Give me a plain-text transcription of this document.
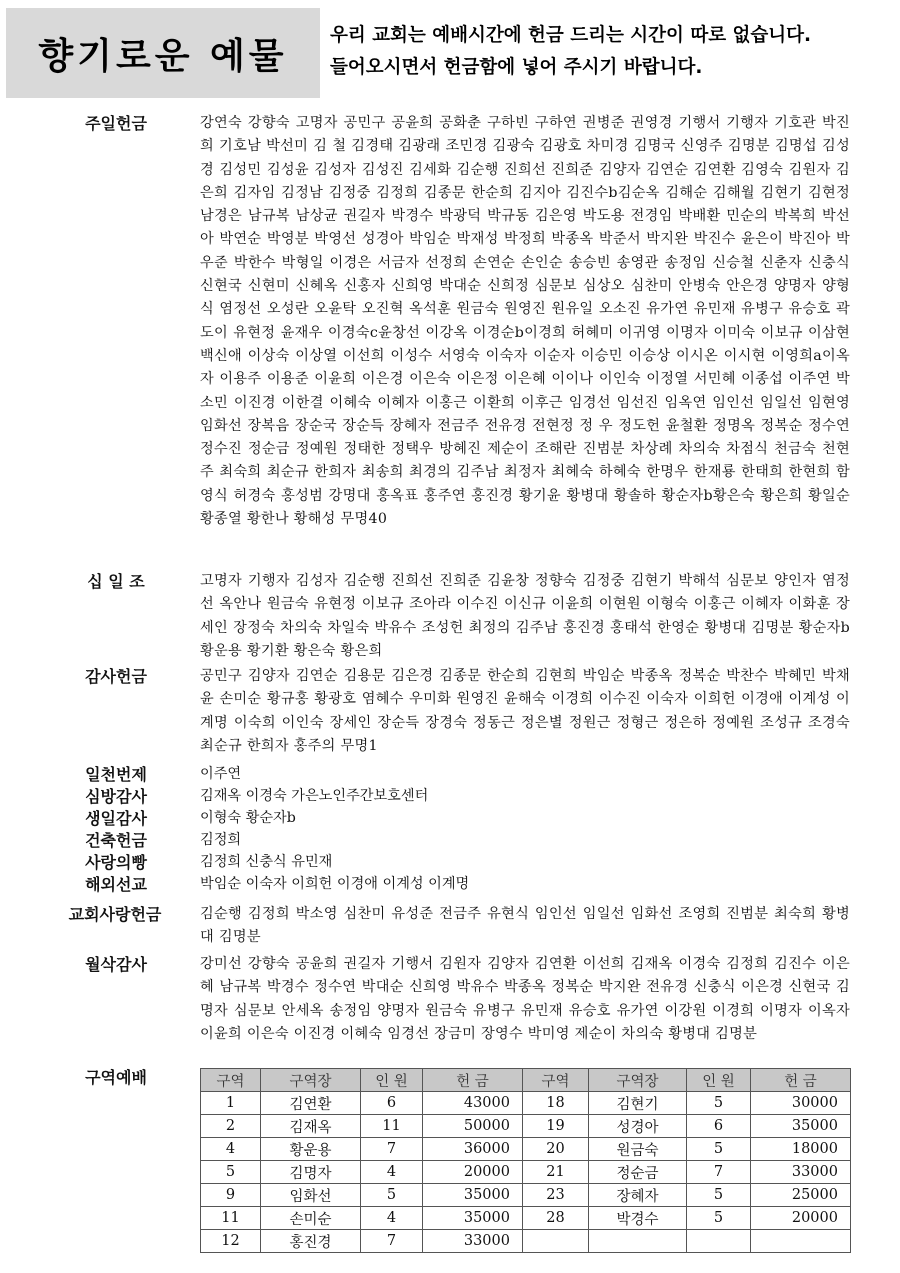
향기로운 예물
우리 교회는 예배시간에 헌금 드리는 시간이 따로 없습니다.
들어오시면서 헌금함에 넣어 주시기 바랍니다.
주일헌금	강연숙 강향숙 고명자 공민구 공윤희 공화춘 구하빈 구하연 권병준 권영경 기행서 기행자 기호관 박진희 기호남 박선미 김 철 김경태 김광래 조민경 김광숙 김광호 차미경 김명국 신영주 김명분 김명섭 김성경 김성민 김성윤 김성자 김성진 김세화 김순행 진희선 진희준 김양자 김연순 김연환 김영숙 김원자 김은희 김자임 김정남 김정중 김정희 김종문 한순희 김지아 김진수b김순옥 김해순 김해월 김현기 김현정 남경은 남규복 남상균 권길자 박경수 박광덕 박규동 김은영 박도용 전경임 박배환 민순의 박복희 박선아 박연순 박영분 박영선 성경아 박임순 박재성 박정희 박종옥 박준서 박지완 박진수 윤은이 박진아 박우준 박한수 박형일 이경은 서금자 선정희 손연순 손인순 송승빈 송영관 송정임 신승철 신춘자 신충식 신현국 신현미 신혜옥 신홍자 신희영 박대순 신희정 심문보 심상오 심찬미 안병숙 안은경 양명자 양형식 염정선 오성란 오윤탁 오진혁 옥석훈 원금숙 원영진 원유일 오소진 유가연 유민재 유병구 유승호 곽도이 유현정 윤재우 이경숙c윤창선 이강옥 이경순b이경희 허혜미 이귀영 이명자 이미숙 이보규 이삼현 백신애 이상숙 이상열 이선희 이성수 서영숙 이숙자 이순자 이승민 이승상 이시온 이시현 이영희a이옥자 이용주 이용준 이윤희 이은경 이은숙 이은정 이은혜 이이나 이인숙 이정열 서민혜 이종섭 이주연 박소민 이진경 이한결 이혜숙 이혜자 이홍근 이환희 이후근 임경선 임선진 임옥연 임인선 임일선 임현영 임화선 장복음 장순국 장순득 장혜자 전금주 전유경 전현정 정 우 정도헌 윤철환 정명옥 정복순 정수연 정수진 정순금 정예원 정태한 정택우 방혜진 제순이 조해란 진범분 차상례 차의숙 차점식 천금숙 천현주 최숙희 최순규 한희자 최송희 최경의 김주남 최정자 최혜숙 하혜숙 한명우 한재룡 한태희 한현희 함영식 허경숙 홍성범 강명대 홍옥표 홍주연 홍진경 황기윤 황병대 황솔하 황순자b황은숙 황은희 황일순 황종열 황한나 황해성 무명40
십 일 조	고명자 기행자 김성자 김순행 진희선 진희준 김윤창 정향숙 김정중 김현기 박해석 심문보 양인자 염정선 옥안나 원금숙 유현정 이보규 조아라 이수진 이신규 이윤희 이현원 이형숙 이홍근 이혜자 이화훈 장세인 장정숙 차의숙 차일숙 박유수 조성헌 최정의 김주남 홍진경 홍태석 한영순 황병대 김명분 황순자b황운용 황기환 황은숙 황은희
감사헌금	공민구 김양자 김연순 김용문 김은경 김종문 한순희 김현희 박임순 박종옥 정복순 박찬수 박혜민 박채윤 손미순 황규홍 황광호 염혜수 우미화 원영진 윤해숙 이경희 이수진 이숙자 이희헌 이경애 이계성 이계명 이숙희 이인숙 장세인 장순득 장경숙 정동근 정은별 정원근 정형근 정은하 정예원 조성규 조경숙 최순규 한희자 홍주의 무명1
일천번제	이주연
심방감사	김재옥 이경숙 가은노인주간보호센터
생일감사	이형숙 황순자b
건축헌금	김정희
사랑의빵	김정희 신충식 유민재
해외선교	박임순 이숙자 이희헌 이경애 이계성 이계명
교회사랑헌금	김순행 김정희 박소영 심찬미 유성준 전금주 유현식 임인선 임일선 임화선 조영희 진범분 최숙희 황병대 김명분
월삭감사	강미선 강향숙 공윤희 권길자 기행서 김원자 김양자 김연환 이선희 김재옥 이경숙 김정희 김진수 이은혜 남규복 박경수 정수연 박대순 신희영 박유수 박종옥 정복순 박지완 전유경 신충식 이은경 신현국 김명자 심문보 안세옥 송정임 양명자 원금숙 유병구 유민재 유승호 유가연 이강원 이경희 이명자 이옥자 이윤희 이은숙 이진경 이혜숙 임경선 장금미 장영수 박미영 제순이 차의숙 황병대 김명분
구역예배	구역	구역장	인 원	헌 금	구역	구역장	인 원	헌 금
1	김연환	6	43000	18	김현기	5	30000
2	김재옥	11	50000	19	성경아	6	35000
4	황운용	7	36000	20	원금숙	5	18000
5	김명자	4	20000	21	정순금	7	33000
9	임화선	5	35000	23	장혜자	5	25000
11	손미순	4	35000	28	박경수	5	20000
12	홍진경	7	33000				
